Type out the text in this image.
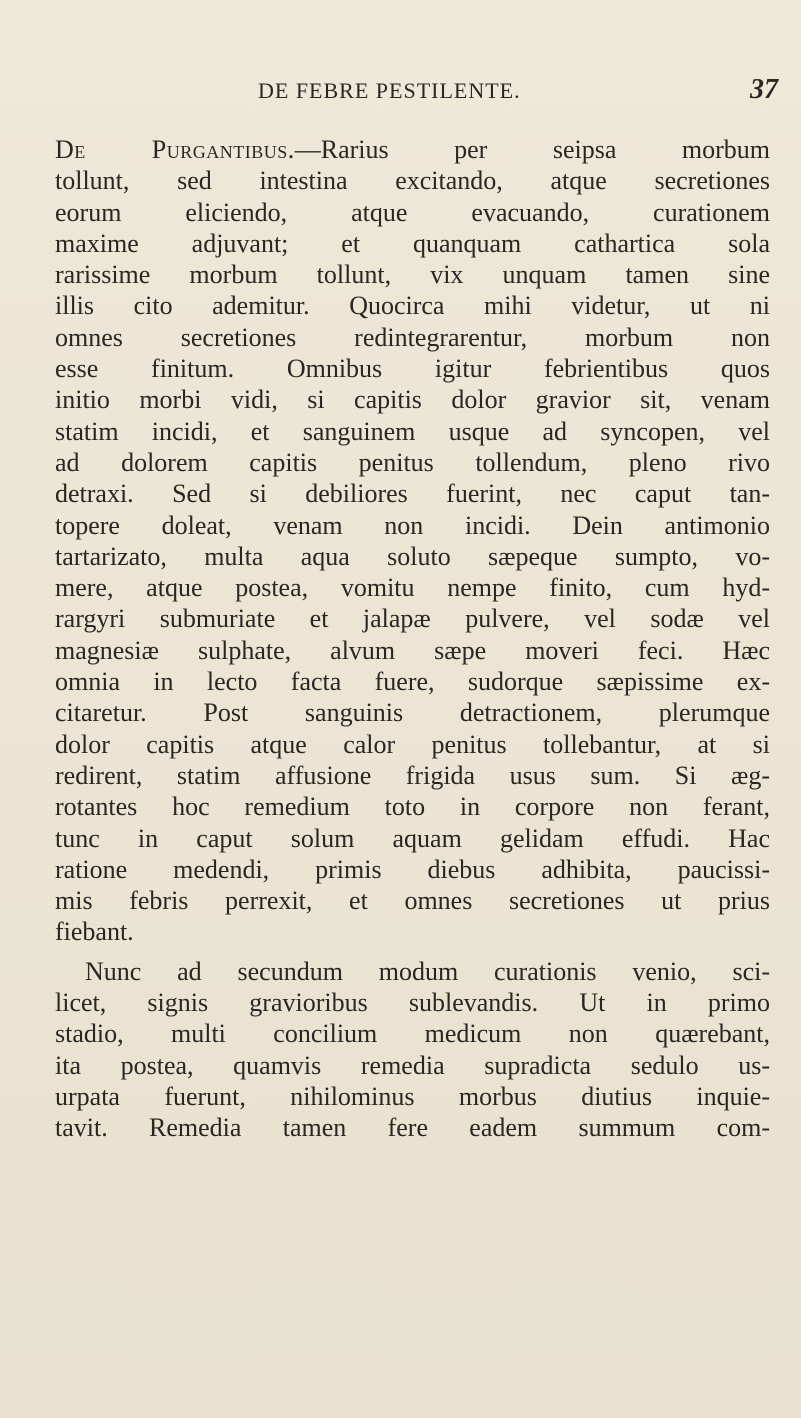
DE FEBRE PESTILENTE.	37
De Purgantibus.—Rarius per seipsa morbum
tollunt, sed intestina excitando, atque secretiones
eorum eliciendo, atque evacuando, curationem
maxime adjuvant; et quanquam cathartica sola
rarissime morbum tollunt, vix unquam tamen sine
illis cito ademitur. Quocirca mihi videtur, ut ni
omnes secretiones redintegrarentur, morbum non
esse finitum. Omnibus igitur febrientibus quos
initio morbi vidi, si capitis dolor gravior sit, venam
statim incidi, et sanguinem usque ad syncopen, vel
ad dolorem capitis penitus tollendum, pleno rivo
detraxi. Sed si debiliores fuerint, nec caput tan-
topere doleat, venam non incidi. Dein antimonio
tartarizato, multa aqua soluto sæpeque sumpto, vo-
mere, atque postea, vomitu nempe finito, cum hyd-
rargyri submuriate et jalapæ pulvere, vel sodæ vel
magnesiæ sulphate, alvum sæpe moveri feci. Hæc
omnia in lecto facta fuere, sudorque sæpissime ex-
citaretur. Post sanguinis detractionem, plerumque
dolor capitis atque calor penitus tollebantur, at si
redirent, statim affusione frigida usus sum. Si æg-
rotantes hoc remedium toto in corpore non ferant,
tunc in caput solum aquam gelidam effudi. Hac
ratione medendi, primis diebus adhibita, paucissi-
mis febris perrexit, et omnes secretiones ut prius
fiebant.
Nunc ad secundum modum curationis venio, sci-
licet, signis gravioribus sublevandis. Ut in primo
stadio, multi concilium medicum non quærebant,
ita postea, quamvis remedia supradicta sedulo us-
urpata fuerunt, nihilominus morbus diutius inquie-
tavit. Remedia tamen fere eadem summum com-
